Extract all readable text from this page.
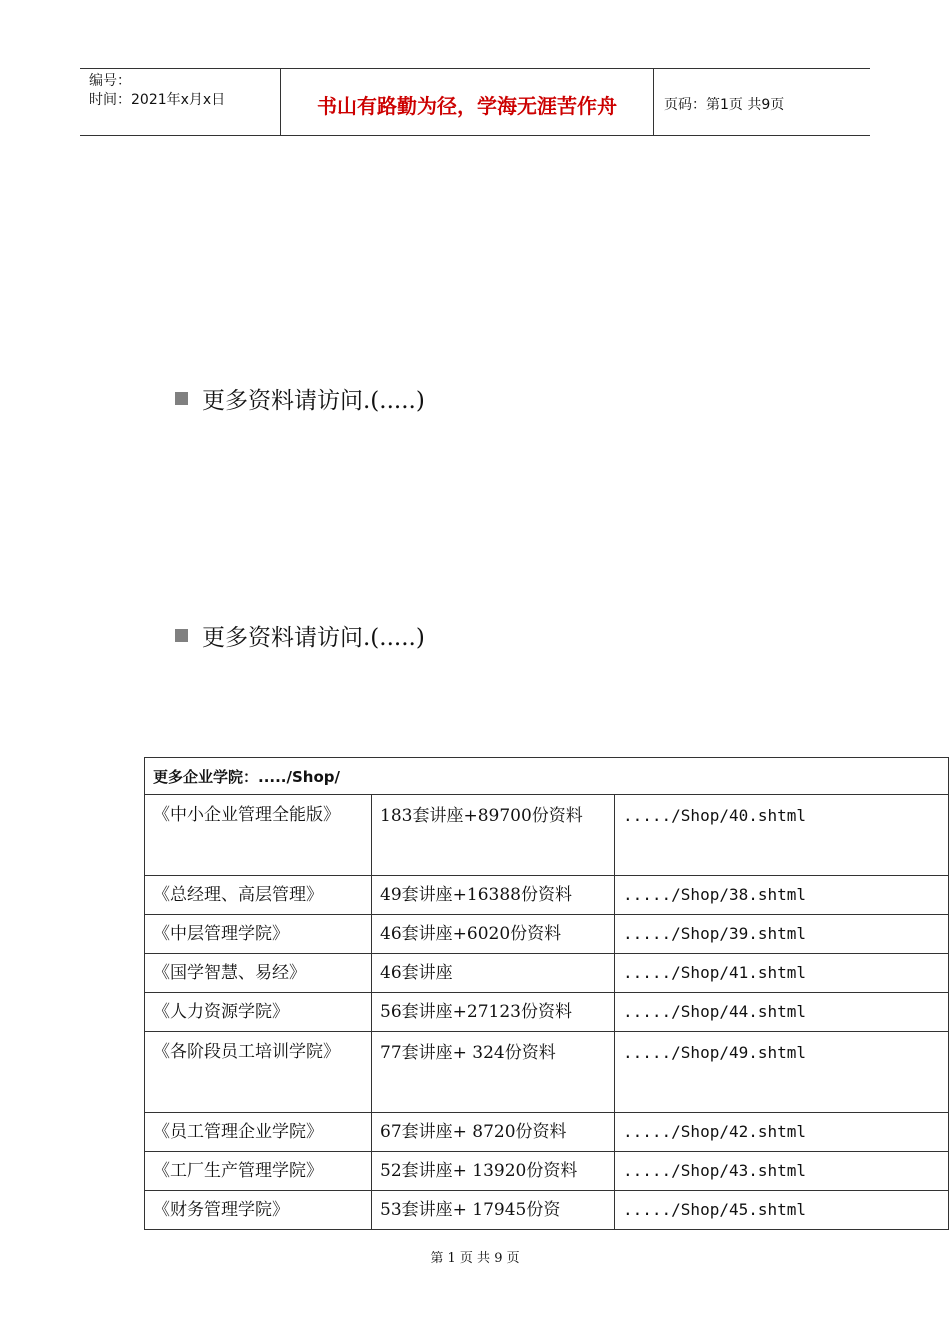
编号：
时间：2021年x月x日	书山有路勤为径，学海无涯苦作舟	页码：第1页 共9页
更多资料请访问.(.....)
更多资料请访问.(.....)
更多企业学院：...../Shop/		

《中小企业管理全能版》	183套讲座+89700份资料	...../Shop/40.shtml
《总经理、高层管理》	49套讲座+16388份资料	...../Shop/38.shtml
《中层管理学院》	46套讲座+6020份资料	...../Shop/39.shtml
《国学智慧、易经》	46套讲座	...../Shop/41.shtml
《人力资源学院》	56套讲座+27123份资料	...../Shop/44.shtml

《各阶段员工培训学院》	77套讲座+ 324份资料	...../Shop/49.shtml
《员工管理企业学院》	67套讲座+ 8720份资料	...../Shop/42.shtml
《工厂生产管理学院》	52套讲座+ 13920份资料	...../Shop/43.shtml
《财务管理学院》	53套讲座+ 17945份资	...../Shop/45.shtml
第 1 页 共 9 页
